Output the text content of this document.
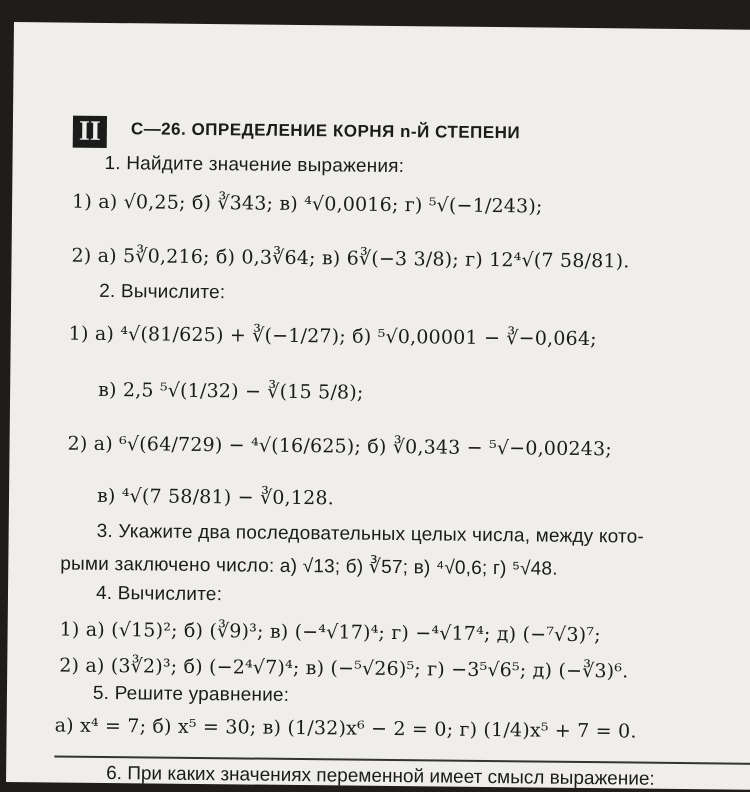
II	С—26. ОПРЕДЕЛЕНИЕ КОРНЯ n-Й СТЕПЕНИ
1. Найдите значение выражения:
1) а) √0,25; б) ∛343; в) ⁴√0,0016; г) ⁵√(−1/243);
2) а) 5∛0,216; б) 0,3∛64; в) 6∛(−3 3/8); г) 12⁴√(7 58/81).
2. Вычислите:
1) а) ⁴√(81/625) + ∛(−1/27); б) ⁵√0,00001 − ∛−0,064;
в) 2,5 ⁵√(1/32) − ∛(15 5/8);
2) а) ⁶√(64/729) − ⁴√(16/625); б) ∛0,343 − ⁵√−0,00243;
в) ⁴√(7 58/81) − ∛0,128.
3. Укажите два последовательных целых числа, между кото-
рыми заключено число: а) √13; б) ∛57; в) ⁴√0,6; г) ⁵√48.
4. Вычислите:
1) а) (√15)²; б) (∛9)³; в) (−⁴√17)⁴; г) −⁴√17⁴; д) (−⁷√3)⁷;
2) а) (3∛2)³; б) (−2⁴√7)⁴; в) (−⁵√26)⁵; г) −3⁵√6⁵; д) (−∛3)⁶.
5. Решите уравнение:
а) x⁴ = 7; б) x⁵ = 30; в) (1/32)x⁶ − 2 = 0; г) (1/4)x⁵ + 7 = 0.
6. При каких значениях переменной имеет смысл выражение:
